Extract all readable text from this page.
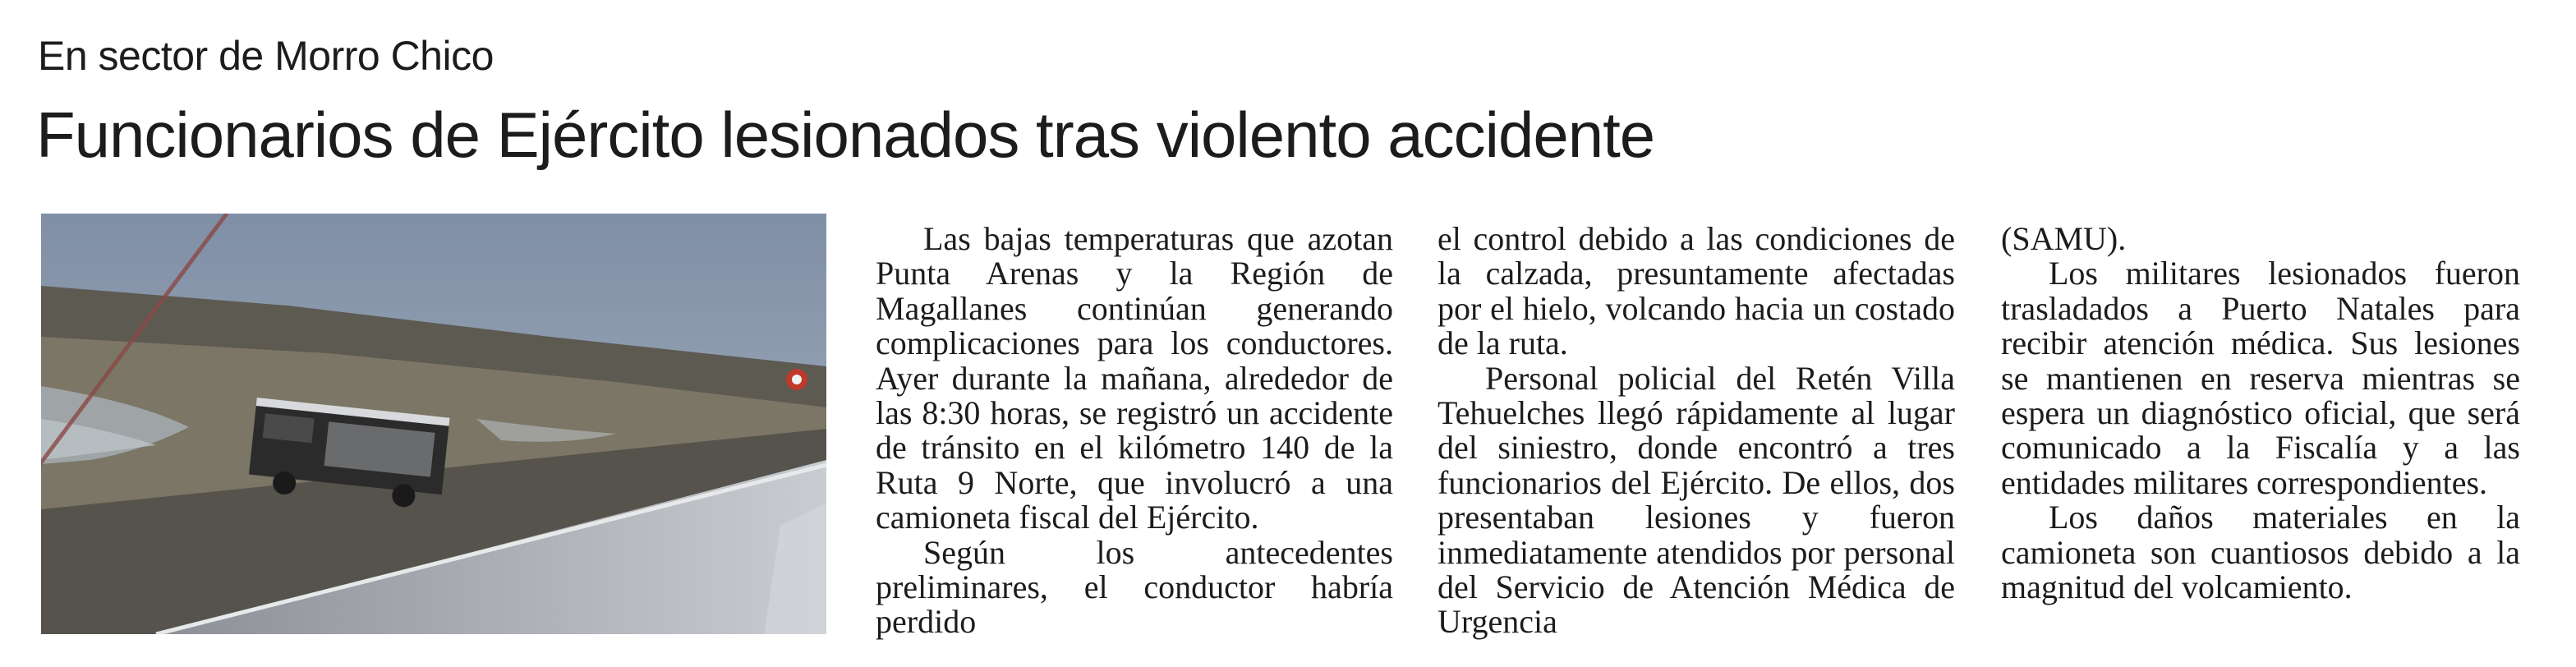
En sector de Morro Chico
Funcionarios de Ejército lesionados tras violento accidente

Las bajas temperaturas que azotan Punta Arenas y la Región de Magallanes continúan generando complicaciones para los conductores. Ayer durante la mañana, alrededor de las 8:30 horas, se registró un accidente de tránsito en el kilómetro 140 de la Ruta 9 Norte, que involucró a una camioneta fiscal del Ejército.

Según los antecedentes preliminares, el conductor habría perdido

el control debido a las condiciones de la calzada, presuntamente afectadas por el hielo, volcando hacia un costado de la ruta.

Personal policial del Retén Villa Tehuelches llegó rápidamente al lugar del siniestro, donde encontró a tres funcionarios del Ejército. De ellos, dos presentaban lesiones y fueron inmediatamente atendidos por personal del Servicio de Atención Médica de Urgencia

(SAMU).

Los militares lesionados fueron trasladados a Puerto Natales para recibir atención médica. Sus lesiones se mantienen en reserva mientras se espera un diagnóstico oficial, que será comunicado a la Fiscalía y a las entidades militares correspondientes.

Los daños materiales en la camioneta son cuantiosos debido a la magnitud del volcamiento.
